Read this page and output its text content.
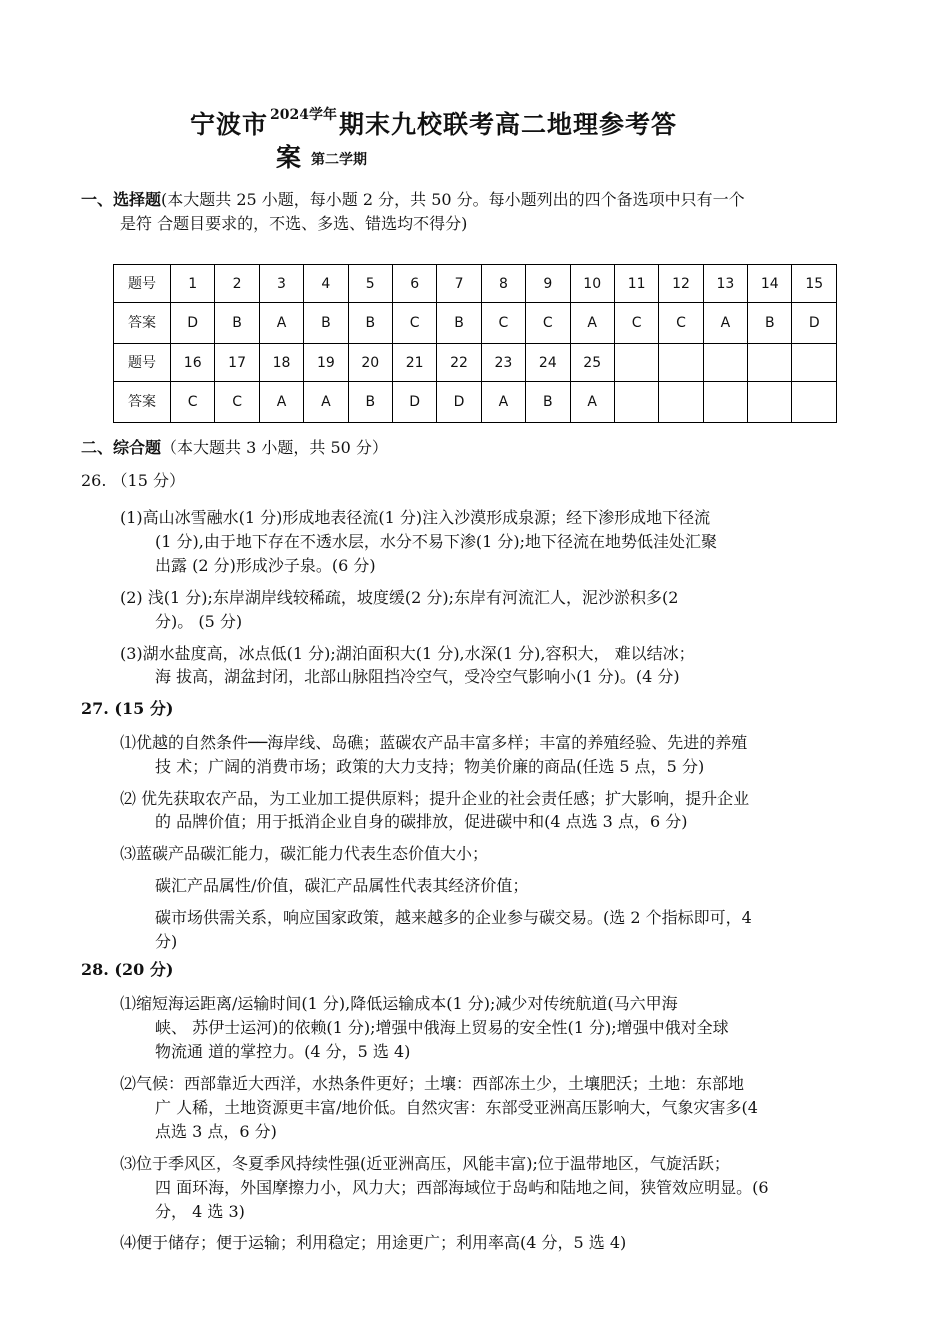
宁波市 $^{2024学年}$期末九校联考高二地理参考答
案第二学期
一、选择题(本大题共 25 小题，每小题 2 分，共 50 分。每小题列出的四个备选项中只有一个
是符 合题目要求的，不选、多选、错选均不得分)
题号	1	2	3	4	5	6	7	8	9	10	11	12	13	14	15
答案	D	B	A	B	B	C	B	C	C	A	C	C	A	B	D
题号	16	17	18	19	20	21	22	23	24	25					
答案	C	C	A	A	B	D	D	A	B	A					
二、综合题（本大题共 3 小题，共 50 分）
26. （15 分）
(1)高山冰雪融水(1 分)形成地表径流(1 分)注入沙漠形成泉源；经下渗形成地下径流
(1 分),由于地下存在不透水层，水分不易下渗(1 分);地下径流在地势低洼处汇聚
出露 (2 分)形成沙子泉。(6 分)
(2) 浅(1 分);东岸湖岸线较稀疏，坡度缓(2 分);东岸有河流汇人，泥沙淤积多(2
分)。 (5 分)
(3)湖水盐度高，冰点低(1 分);湖泊面积大(1 分),水深(1 分),容积大， 难以结冰；
海 拔高，湖盆封闭，北部山脉阻挡冷空气，受冷空气影响小(1 分)。(4 分)
27. (15 分)
⑴优越的自然条件──海岸线、岛礁；蓝碳农产品丰富多样；丰富的养殖经验、先进的养殖
技 术；广阔的消费市场；政策的大力支持；物美价廉的商品(任选 5 点，5 分)
⑵ 优先获取农产品，为工业加工提供原料；提升企业的社会责任感；扩大影响，提升企业
的 品牌价值；用于抵消企业自身的碳排放，促进碳中和(4 点选 3 点，6 分)
⑶蓝碳产品碳汇能力，碳汇能力代表生态价值大小；
碳汇产品属性/价值，碳汇产品属性代表其经济价值；
碳市场供需关系，响应国家政策，越来越多的企业参与碳交易。(选 2 个指标即可，4
分)
28. (20 分)
⑴缩短海运距离/运输时间(1 分),降低运输成本(1 分);减少对传统航道(马六甲海
峡、 苏伊士运河)的依赖(1 分);增强中俄海上贸易的安全性(1 分);增强中俄对全球
物流通 道的掌控力。(4 分，5 选 4)
⑵气候：西部靠近大西洋，水热条件更好；土壤：西部冻土少，土壤肥沃；土地：东部地
广 人稀，土地资源更丰富/地价低。自然灾害：东部受亚洲高压影响大，气象灾害多(4
点选 3 点，6 分)
⑶位于季风区，冬夏季风持续性强(近亚洲高压，风能丰富);位于温带地区，气旋活跃；
四 面环海，外国摩擦力小，风力大；西部海域位于岛屿和陆地之间，狭管效应明显。(6
分， 4 选 3)
⑷便于储存；便于运输；利用稳定；用途更广；利用率高(4 分，5 选 4)
